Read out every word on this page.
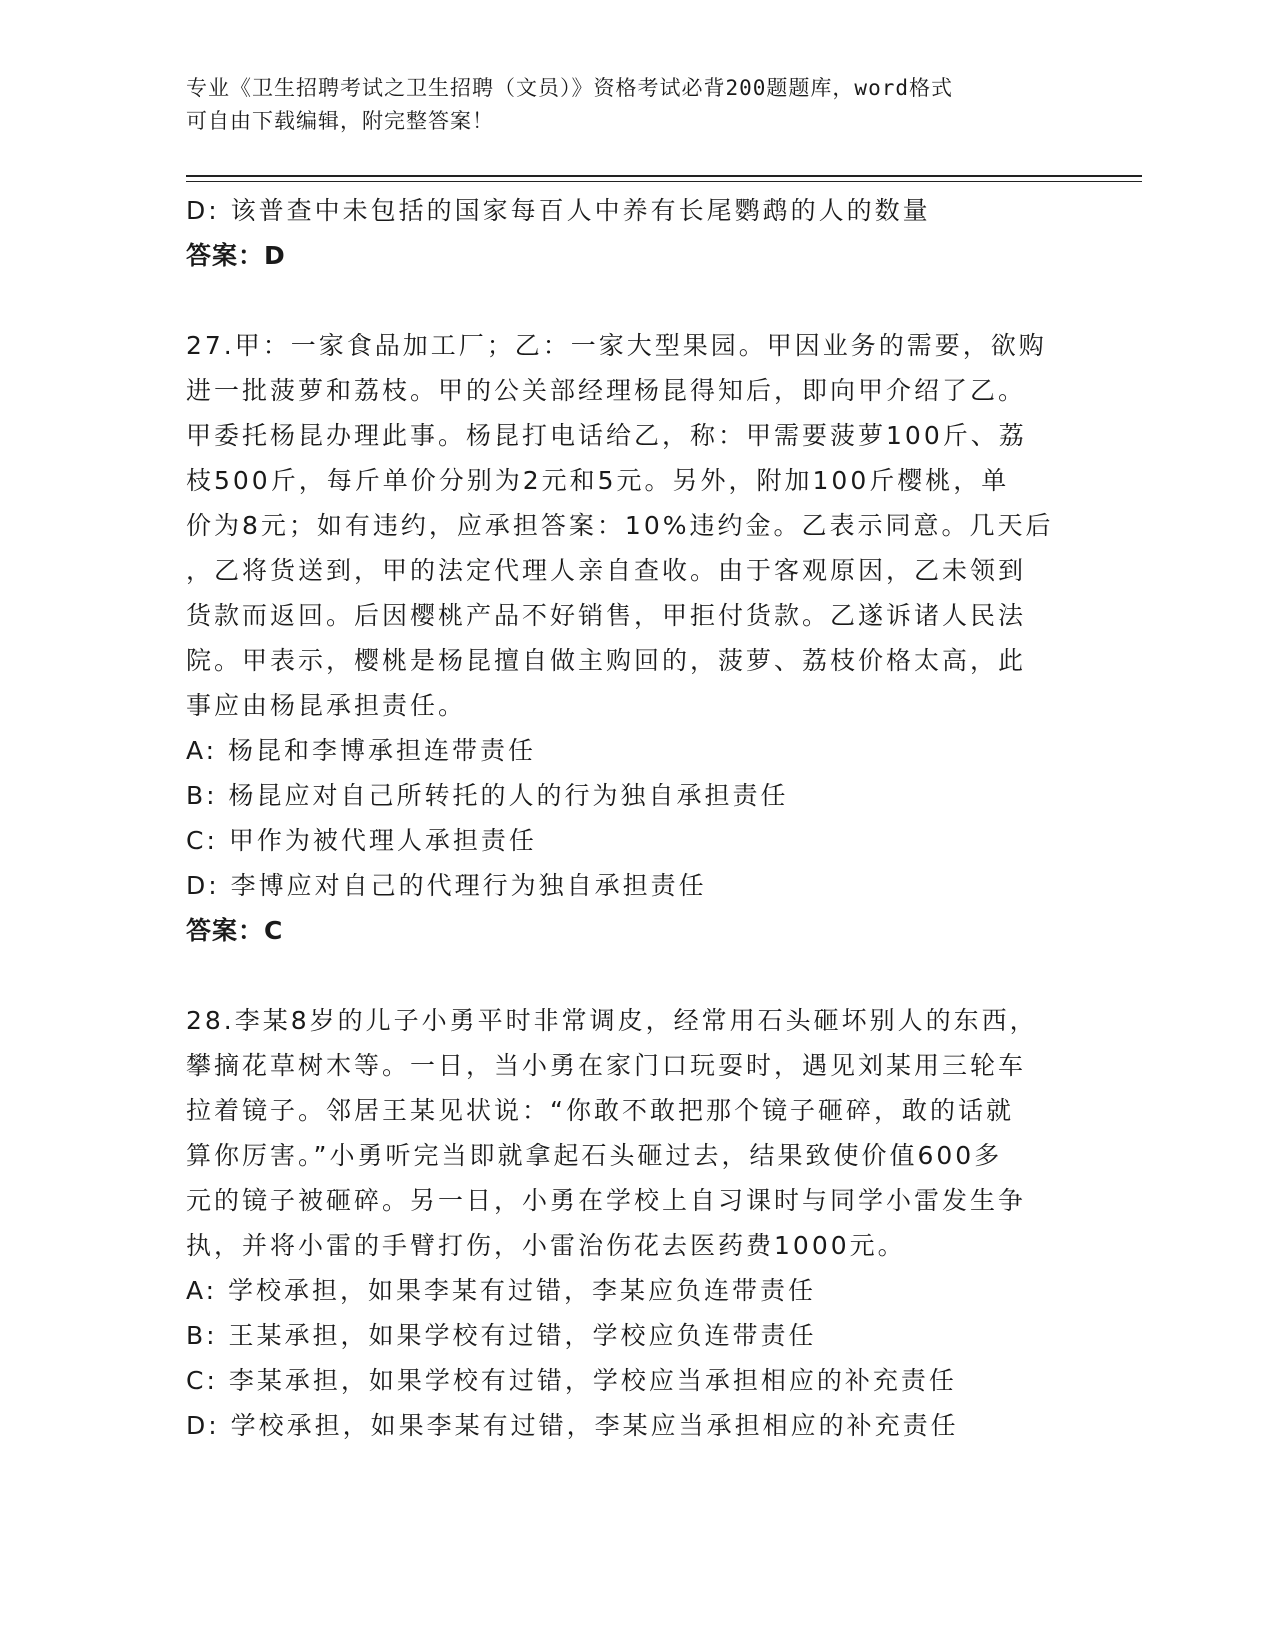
专业《卫生招聘考试之卫生招聘（文员）》资格考试必背200题题库，word格式
可自由下载编辑，附完整答案！
D: 该普查中未包括的国家每百人中养有长尾鹦鹉的人的数量
答案：D
27.甲：一家食品加工厂；乙：一家大型果园。甲因业务的需要，欲购
进一批菠萝和荔枝。甲的公关部经理杨昆得知后，即向甲介绍了乙。
甲委托杨昆办理此事。杨昆打电话给乙，称：甲需要菠萝100斤、荔
枝500斤，每斤单价分别为2元和5元。另外，附加100斤樱桃，单
价为8元；如有违约，应承担答案：10%违约金。乙表示同意。几天后
，乙将货送到，甲的法定代理人亲自查收。由于客观原因，乙未领到
货款而返回。后因樱桃产品不好销售，甲拒付货款。乙遂诉诸人民法
院。甲表示，樱桃是杨昆擅自做主购回的，菠萝、荔枝价格太高，此
事应由杨昆承担责任。
A: 杨昆和李博承担连带责任
B: 杨昆应对自己所转托的人的行为独自承担责任
C: 甲作为被代理人承担责任
D: 李博应对自己的代理行为独自承担责任
答案：C
28.李某8岁的儿子小勇平时非常调皮，经常用石头砸坏别人的东西，
攀摘花草树木等。一日，当小勇在家门口玩耍时，遇见刘某用三轮车
拉着镜子。邻居王某见状说：“你敢不敢把那个镜子砸碎，敢的话就
算你厉害。”小勇听完当即就拿起石头砸过去，结果致使价值600多
元的镜子被砸碎。另一日，小勇在学校上自习课时与同学小雷发生争
执，并将小雷的手臂打伤，小雷治伤花去医药费1000元。
A: 学校承担，如果李某有过错，李某应负连带责任
B: 王某承担，如果学校有过错，学校应负连带责任
C: 李某承担，如果学校有过错，学校应当承担相应的补充责任
D: 学校承担，如果李某有过错，李某应当承担相应的补充责任
